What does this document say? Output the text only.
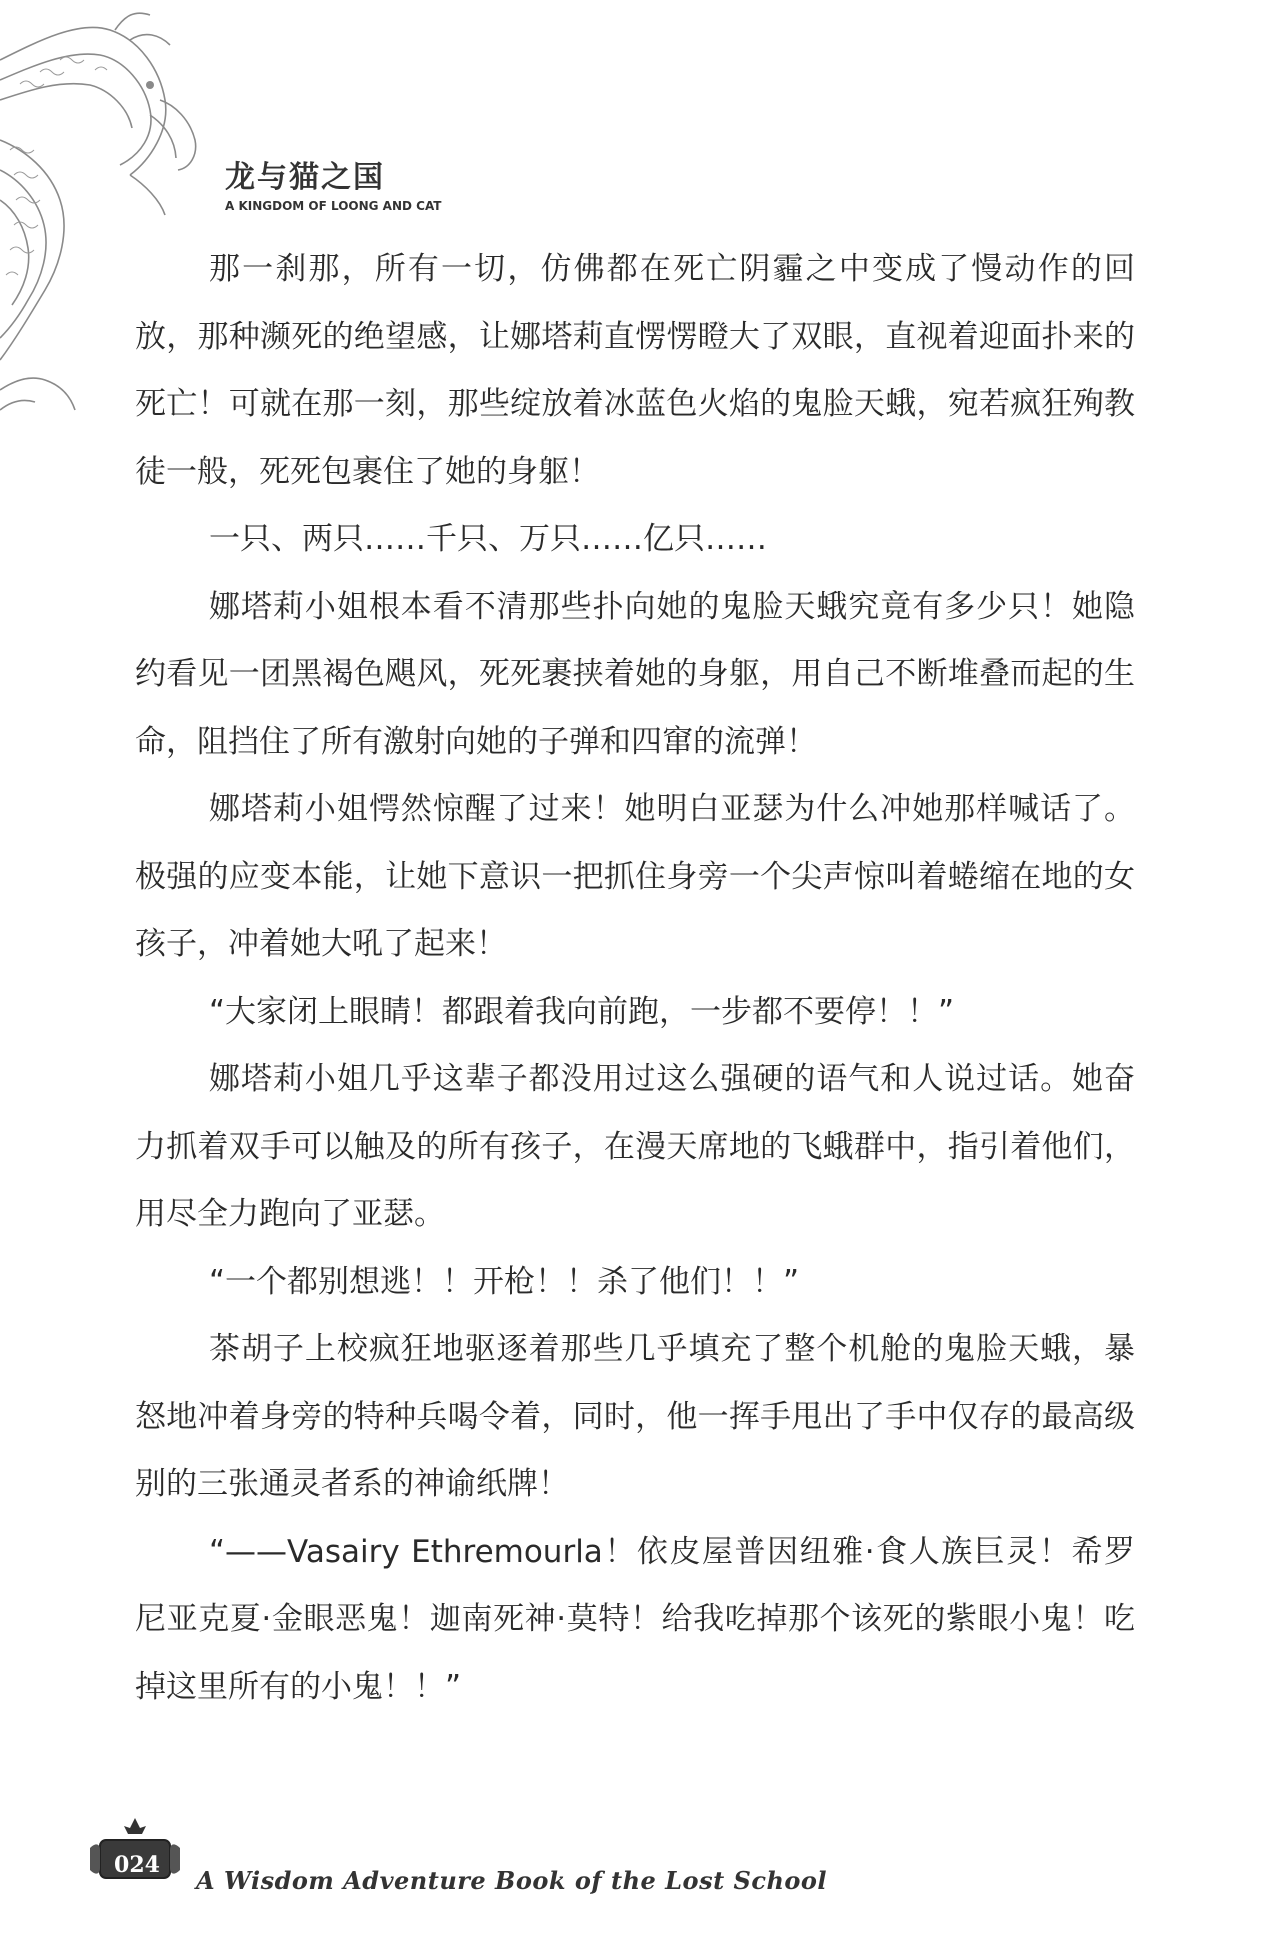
龙与猫之国
A KINGDOM OF LOONG AND CAT

那一刹那，所有一切，仿佛都在死亡阴霾之中变成了慢动作的回放，那种濒死的绝望感，让娜塔莉直愣愣瞪大了双眼，直视着迎面扑来的死亡！可就在那一刻，那些绽放着冰蓝色火焰的鬼脸天蛾，宛若疯狂殉教徒一般，死死包裹住了她的身躯！

一只、两只……千只、万只……亿只……

娜塔莉小姐根本看不清那些扑向她的鬼脸天蛾究竟有多少只！她隐约看见一团黑褐色飓风，死死裹挟着她的身躯，用自己不断堆叠而起的生命，阻挡住了所有激射向她的子弹和四窜的流弹！

娜塔莉小姐愕然惊醒了过来！她明白亚瑟为什么冲她那样喊话了。极强的应变本能，让她下意识一把抓住身旁一个尖声惊叫着蜷缩在地的女孩子，冲着她大吼了起来！

“大家闭上眼睛！都跟着我向前跑，一步都不要停！！”

娜塔莉小姐几乎这辈子都没用过这么强硬的语气和人说过话。她奋力抓着双手可以触及的所有孩子，在漫天席地的飞蛾群中，指引着他们，用尽全力跑向了亚瑟。

“一个都别想逃！！开枪！！杀了他们！！”

茶胡子上校疯狂地驱逐着那些几乎填充了整个机舱的鬼脸天蛾，暴怒地冲着身旁的特种兵喝令着，同时，他一挥手甩出了手中仅存的最高级别的三张通灵者系的神谕纸牌！

“——Vasairy Ethremourla！依皮屋普因纽雅·食人族巨灵！希罗尼亚克夏·金眼恶鬼！迦南死神·莫特！给我吃掉那个该死的紫眼小鬼！吃掉这里所有的小鬼！！”

024
A Wisdom Adventure Book of the Lost School
